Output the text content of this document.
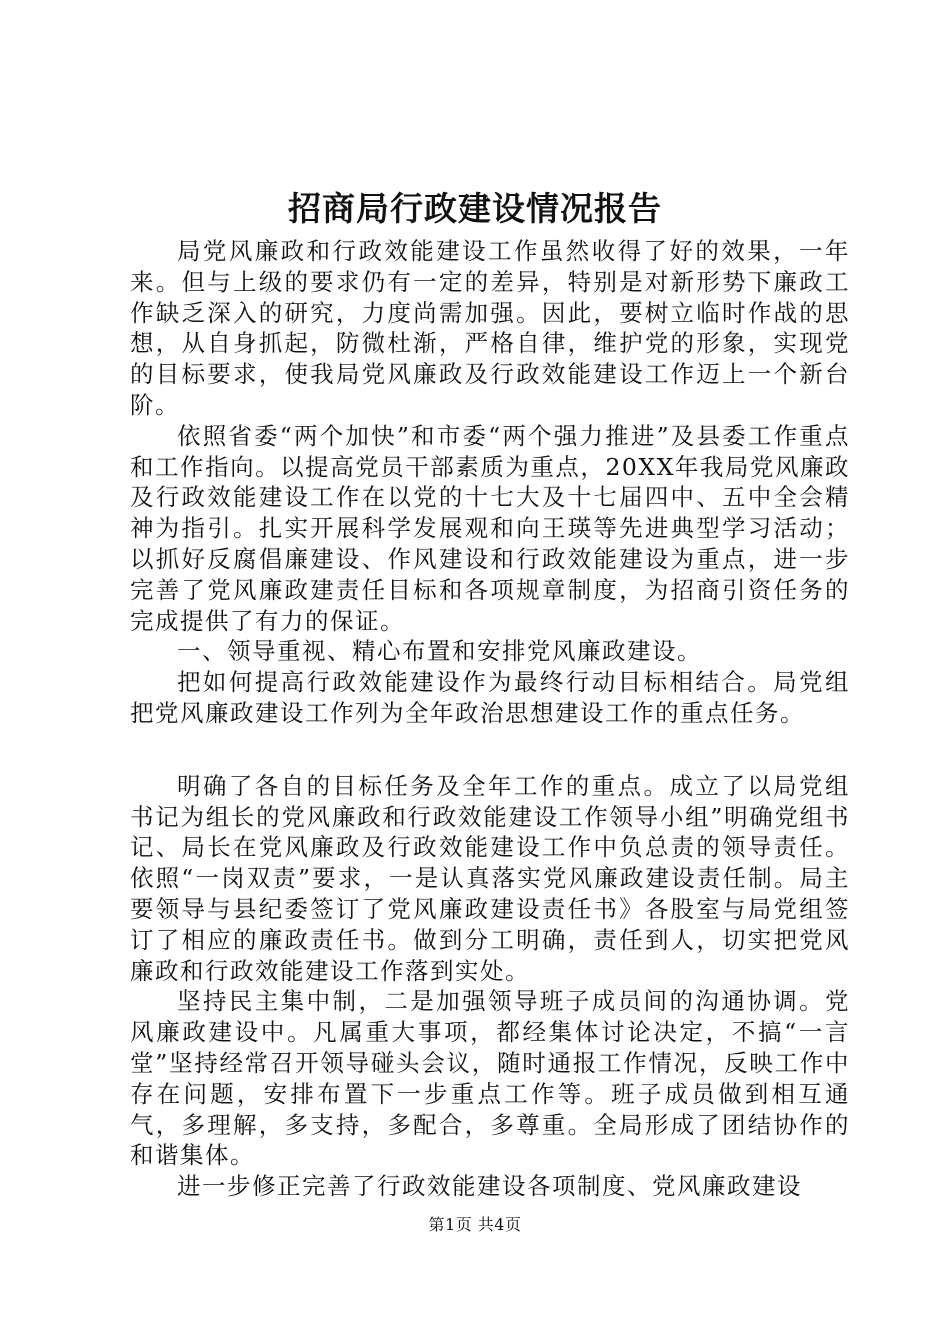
招商局行政建设情况报告

局党风廉政和行政效能建设工作虽然收得了好的效果，一年来。但与上级的要求仍有一定的差异，特别是对新形势下廉政工作缺乏深入的研究，力度尚需加强。因此，要树立临时作战的思想，从自身抓起，防微杜渐，严格自律，维护党的形象，实现党的目标要求，使我局党风廉政及行政效能建设工作迈上一个新台阶。

依照省委“两个加快”和市委“两个强力推进”及县委工作重点和工作指向。以提高党员干部素质为重点，20XX年我局党风廉政及行政效能建设工作在以党的十七大及十七届四中、五中全会精神为指引。扎实开展科学发展观和向王瑛等先进典型学习活动；以抓好反腐倡廉建设、作风建设和行政效能建设为重点，进一步完善了党风廉政建责任目标和各项规章制度，为招商引资任务的完成提供了有力的保证。

一、领导重视、精心布置和安排党风廉政建设。

把如何提高行政效能建设作为最终行动目标相结合。局党组把党风廉政建设工作列为全年政治思想建设工作的重点任务。

明确了各自的目标任务及全年工作的重点。成立了以局党组书记为组长的党风廉政和行政效能建设工作领导小组”明确党组书记、局长在党风廉政及行政效能建设工作中负总责的领导责任。依照“一岗双责”要求，一是认真落实党风廉政建设责任制。局主要领导与县纪委签订了党风廉政建设责任书》各股室与局党组签订了相应的廉政责任书。做到分工明确，责任到人，切实把党风廉政和行政效能建设工作落到实处。

坚持民主集中制，二是加强领导班子成员间的沟通协调。党风廉政建设中。凡属重大事项，都经集体讨论决定，不搞“一言堂”坚持经常召开领导碰头会议，随时通报工作情况，反映工作中存在问题，安排布置下一步重点工作等。班子成员做到相互通气，多理解，多支持，多配合，多尊重。全局形成了团结协作的和谐集体。

进一步修正完善了行政效能建设各项制度、党风廉政建设

第1页 共4页
